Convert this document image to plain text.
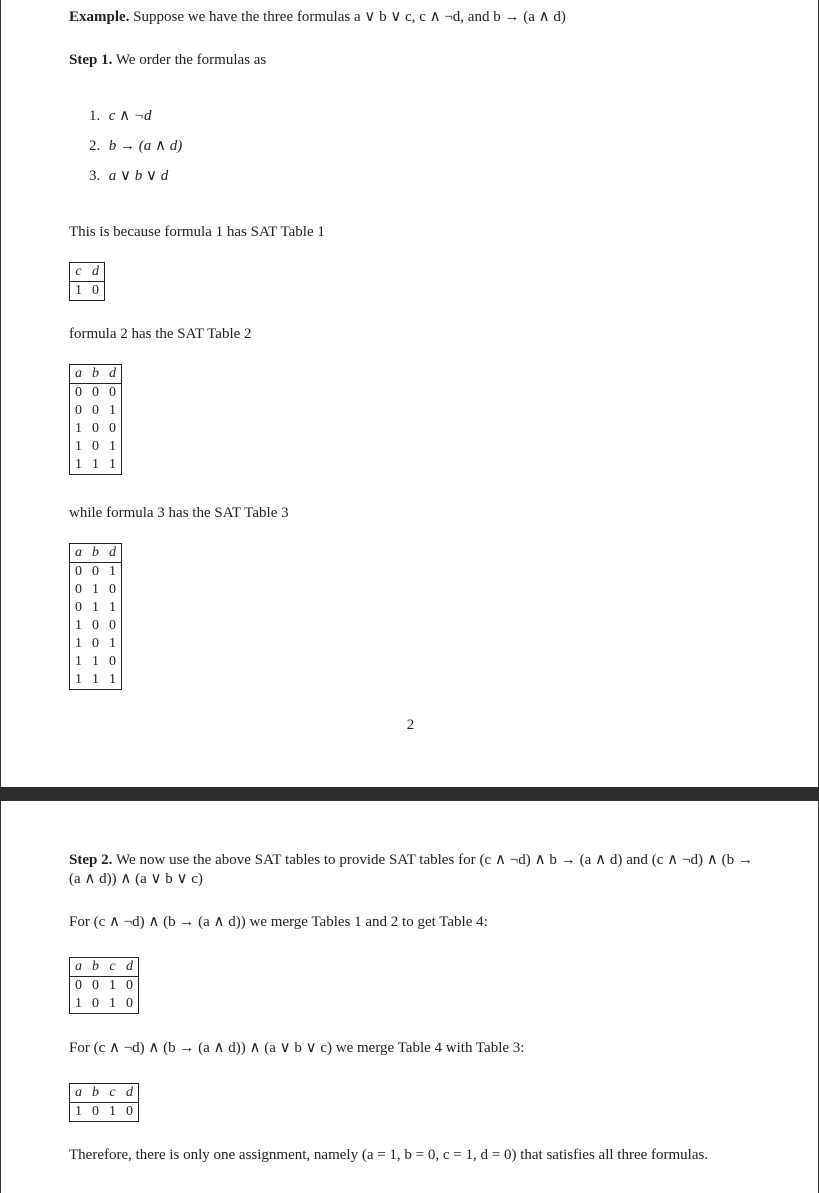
Example. Suppose we have the three formulas a ∨ b ∨ c, c ∧ ¬d, and b → (a ∧ d)
Step 1. We order the formulas as
1. c ∧ ¬d
2. b → (a ∧ d)
3. a ∨ b ∨ d
This is because formula 1 has SAT Table 1
c	d
1	0
formula 2 has the SAT Table 2
a	b	d
0	0	0
0	0	1
1	0	0
1	0	1
1	1	1
while formula 3 has the SAT Table 3
a	b	d
0	0	1
0	1	0
0	1	1
1	0	0
1	0	1
1	1	0
1	1	1
2
Step 2. We now use the above SAT tables to provide SAT tables for (c ∧ ¬d) ∧ b → (a ∧ d) and (c ∧ ¬d) ∧ (b → (a ∧ d)) ∧ (a ∨ b ∨ c)
For (c ∧ ¬d) ∧ (b → (a ∧ d)) we merge Tables 1 and 2 to get Table 4:
a	b	c	d
0	0	1	0
1	0	1	0
For (c ∧ ¬d) ∧ (b → (a ∧ d)) ∧ (a ∨ b ∨ c) we merge Table 4 with Table 3:
a	b	c	d
1	0	1	0
Therefore, there is only one assignment, namely (a = 1, b = 0, c = 1, d = 0) that satisfies all three formulas.
